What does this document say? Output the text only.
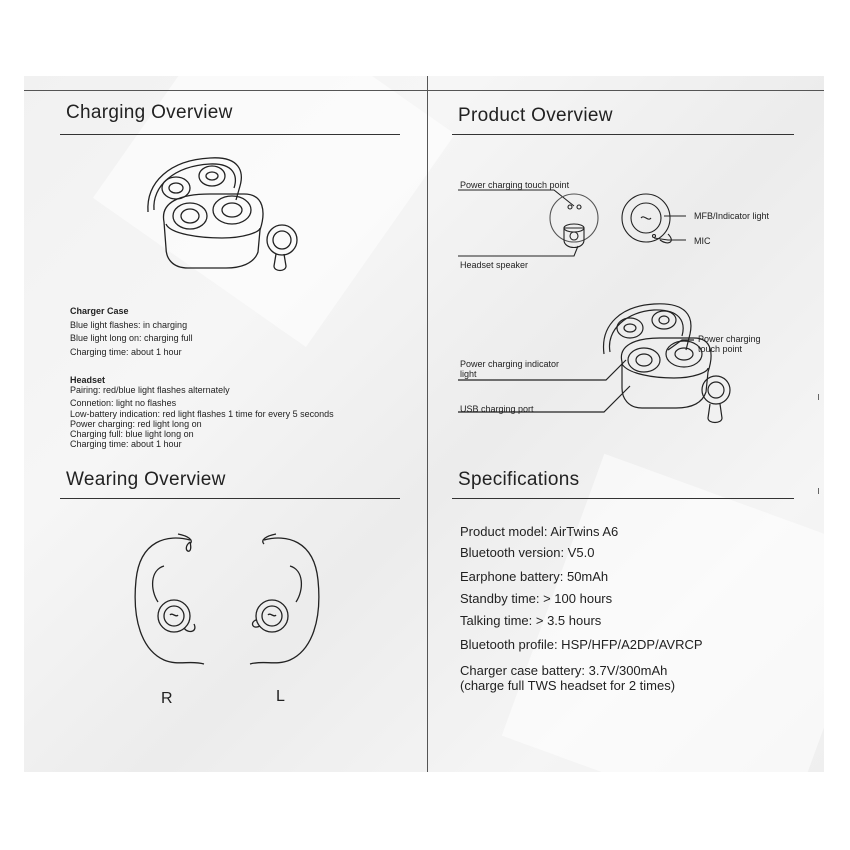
Charging Overview
Charger Case
Blue light flashes: in charging
Blue light long on: charging full
Charging time: about 1 hour
Headset
Pairing: red/blue light flashes alternately
Connetion: light no flashes
Low-battery indication: red light flashes 1 time for every 5 seconds
Power charging: red light long on
Charging full: blue light long on
Charging time: about 1 hour
Wearing Overview
R	L
Product Overview
Power charging touch point
Headset speaker
MFB/Indicator light
MIC
Power charging
touch point
Power charging indicator
light
USB charging port
Specifications
Product model: AirTwins A6
Bluetooth version: V5.0
Earphone battery: 50mAh
Standby time: > 100 hours
Talking time: > 3.5 hours
Bluetooth profile: HSP/HFP/A2DP/AVRCP
Charger case battery: 3.7V/300mAh
(charge full TWS headset for 2 times)
